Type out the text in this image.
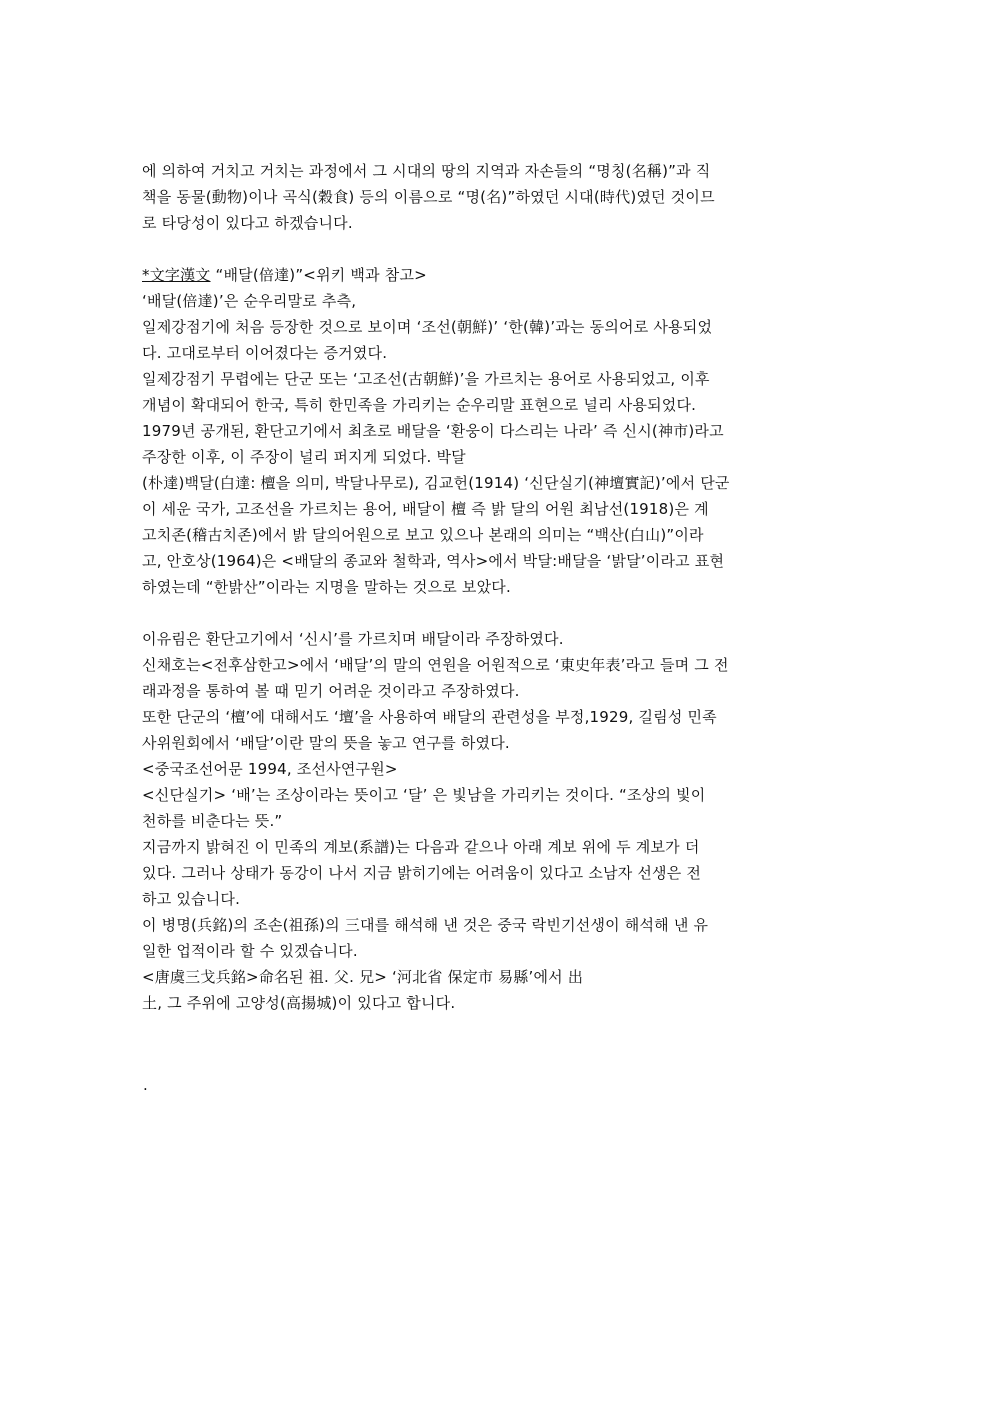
에 의하여 거치고 거치는 과정에서 그 시대의 땅의 지역과 자손들의 “명칭(名稱)”과 직
책을 동물(動物)이나 곡식(穀食) 등의 이름으로 “명(名)”하였던 시대(時代)였던 것이므
로 타당성이 있다고 하겠습니다.

*文字漢文 “배달(倍達)”<위키 백과 참고>

‘배달(倍達)’은 순우리말로 추측,
일제강점기에 처음 등장한 것으로 보이며 ‘조선(朝鮮)’ ‘한(韓)’과는 동의어로 사용되었
다. 고대로부터 이어졌다는 증거였다.
일제강점기 무렵에는 단군 또는 ‘고조선(古朝鮮)’을 가르치는 용어로 사용되었고, 이후
개념이 확대되어 한국, 특히 한민족을 가리키는 순우리말 표현으로 널리 사용되었다.
1979년 공개된, 환단고기에서 최초로 배달을 ‘환웅이 다스리는 나라’ 즉 신시(神市)라고
주장한 이후, 이 주장이 널리 퍼지게 되었다. 박달
(朴達)백달(白達: 檀을 의미, 박달나무로), 김교헌(1914) ‘신단실기(神壇實記)’에서 단군
이 세운 국가, 고조선을 가르치는 용어, 배달이 檀 즉 밝 달의 어원 최남선(1918)은 계
고치존(稽古치존)에서 밝 달의어원으로 보고 있으나 본래의 의미는 “백산(白山)”이라
고, 안호상(1964)은 <배달의 종교와 철학과, 역사>에서 박달:배달을 ‘밝달’이라고 표현
하였는데 “한밝산”이라는 지명을 말하는 것으로 보았다.

이유림은 환단고기에서 ‘신시’를 가르치며 배달이라 주장하였다.
신채호는<전후삼한고>에서 ‘배달’의 말의 연원을 어원적으로 ‘東史年表’라고 들며 그 전
래과정을 통하여 볼 때 믿기 어려운 것이라고 주장하였다.
또한 단군의 ‘檀’에 대해서도 ‘壇’을 사용하여 배달의 관련성을 부정,1929, 길림성 민족
사위원회에서 ‘배달’이란 말의 뜻을 놓고 연구를 하였다.
<중국조선어문 1994, 조선사연구원>
<신단실기> ‘배’는 조상이라는 뜻이고 ‘달’ 은 빛남을 가리키는 것이다. “조상의 빛이
천하를 비춘다는 뜻.”
지금까지 밝혀진 이 민족의 계보(系譜)는 다음과 같으나 아래 계보 위에 두 계보가 더
있다. 그러나 상태가 동강이 나서 지금 밝히기에는 어려움이 있다고 소남자 선생은 전
하고 있습니다.
이 병명(兵銘)의 조손(祖孫)의 三대를 해석해 낸 것은 중국 락빈기선생이 해석해 낸 유
일한 업적이라 할 수 있겠습니다.
<唐虞三戈兵銘>命名된 祖. 父. 兄> ‘河北省 保定市 易縣’에서 出
土, 그 주위에 고양성(高揚城)이 있다고 합니다.

.
